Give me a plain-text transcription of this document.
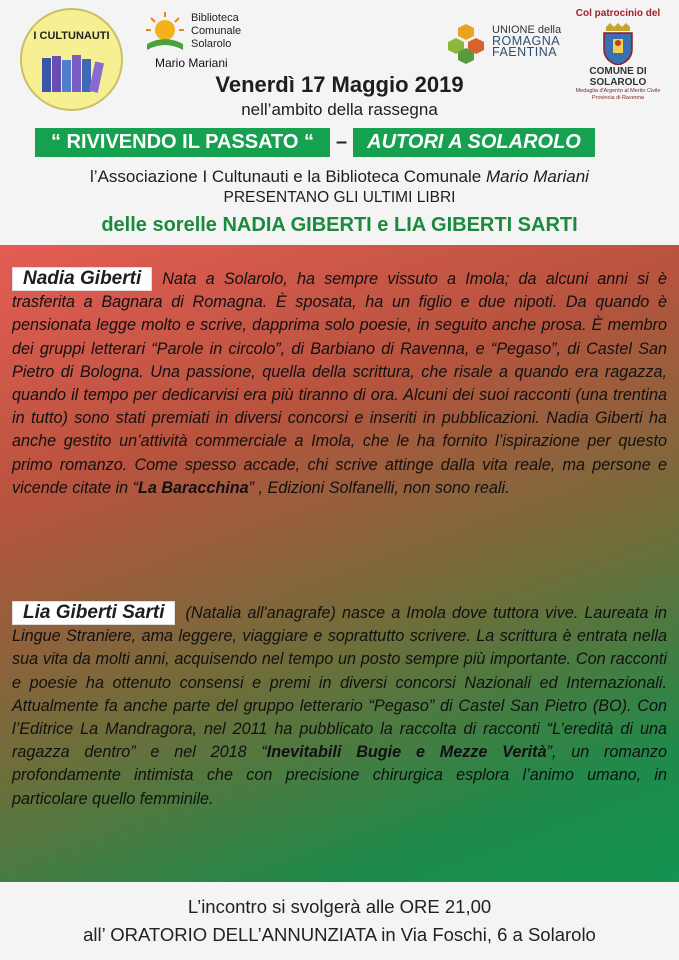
I CULTUNAUTI
Biblioteca
Comunale
Solarolo
Mario Mariani
UNIONE della
ROMAGNA
FAENTINA
Col patrocinio del
COMUNE DI SOLAROLO
Medaglia d'Argento al Merito Civile
Provincia di Ravenna
Venerdì 17 Maggio 2019
nell’ambito della rassegna
“ RIVIVENDO IL PASSATO “	–	AUTORI A SOLAROLO
l’Associazione I Cultunauti e la Biblioteca Comunale Mario Mariani
PRESENTANO GLI ULTIMI LIBRI
delle sorelle NADIA GIBERTI e LIA GIBERTI SARTI

Nadia Giberti Nata a Solarolo, ha sempre vissuto a Imola; da alcuni anni si è trasferita a Bagnara di Romagna. È sposata, ha un figlio e due nipoti. Da quando è pensionata legge molto e scrive, dapprima solo poesie, in seguito anche prosa. È membro dei gruppi letterari “Parole in circolo”, di Barbiano di Ravenna, e “Pegaso”, di Castel San Pietro di Bologna. Una passione, quella della scrittura, che risale a quando era ragazza, quando il tempo per dedicarvisi era più tiranno di ora. Alcuni dei suoi racconti (una trentina in tutto) sono stati premiati in diversi concorsi e inseriti in pubblicazioni. Nadia Giberti ha anche gestito un’attività commerciale a Imola, che le ha fornito l’ispirazione per questo primo romanzo. Come spesso accade, chi scrive attinge dalla vita reale, ma persone e vicende citate in “La Baracchina” , Edizioni Solfanelli, non sono reali.

Lia Giberti Sarti (Natalia all'anagrafe) nasce a Imola dove tuttora vive. Laureata in Lingue Straniere, ama leggere, viaggiare e soprattutto scrivere. La scrittura è entrata nella sua vita da molti anni, acquisendo nel tempo un posto sempre più importante. Con racconti e poesie ha ottenuto consensi e premi in diversi concorsi Nazionali ed Internazionali. Attualmente fa anche parte del gruppo letterario “Pegaso” di Castel San Pietro (BO). Con l’Editrice La Mandragora, nel 2011 ha pubblicato la raccolta di racconti “L’eredità di una ragazza dentro” e nel 2018 “Inevitabili Bugie e Mezze Verità”, un romanzo profondamente intimista che con precisione chirurgica esplora l’animo umano, in particolare quello femminile.

L’incontro si svolgerà alle ORE 21,00
all’ ORATORIO DELL’ANNUNZIATA in Via Foschi, 6 a Solarolo
